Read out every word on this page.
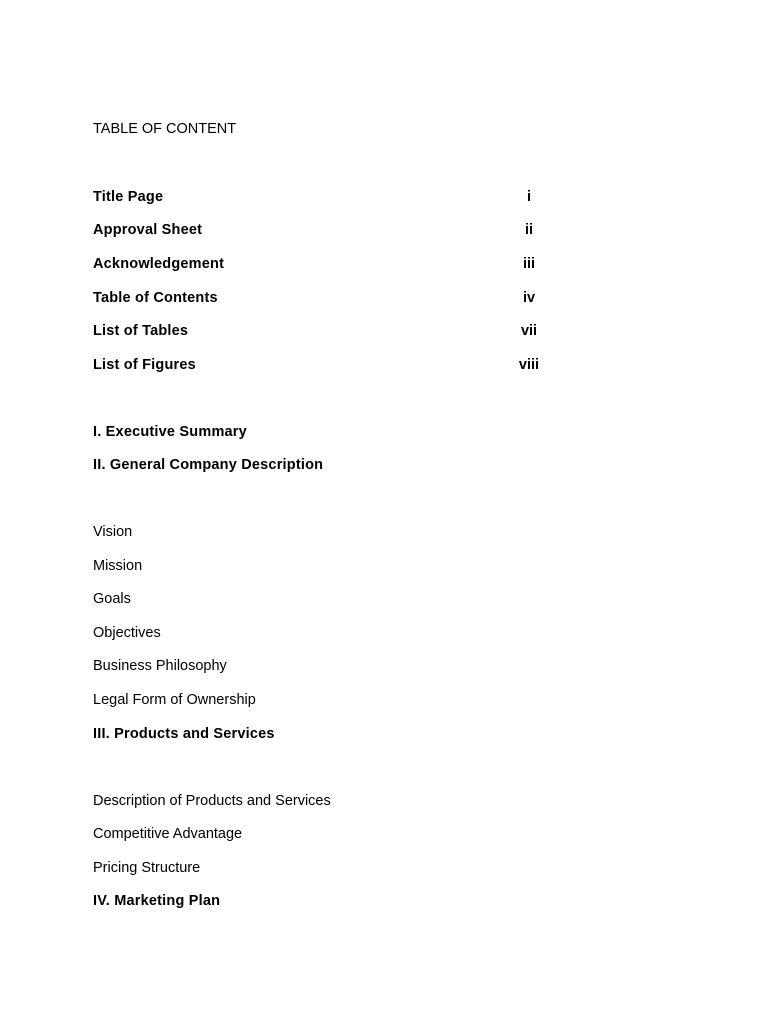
TABLE OF CONTENT
Title Page	i
Approval Sheet	ii
Acknowledgement	iii
Table of Contents	iv
List of Tables	vii
List of Figures	viii
I. Executive Summary
II. General Company Description
Vision
Mission
Goals
Objectives
Business Philosophy
Legal Form of Ownership
III. Products and Services
Description of Products and Services
Competitive Advantage
Pricing Structure
IV. Marketing Plan
